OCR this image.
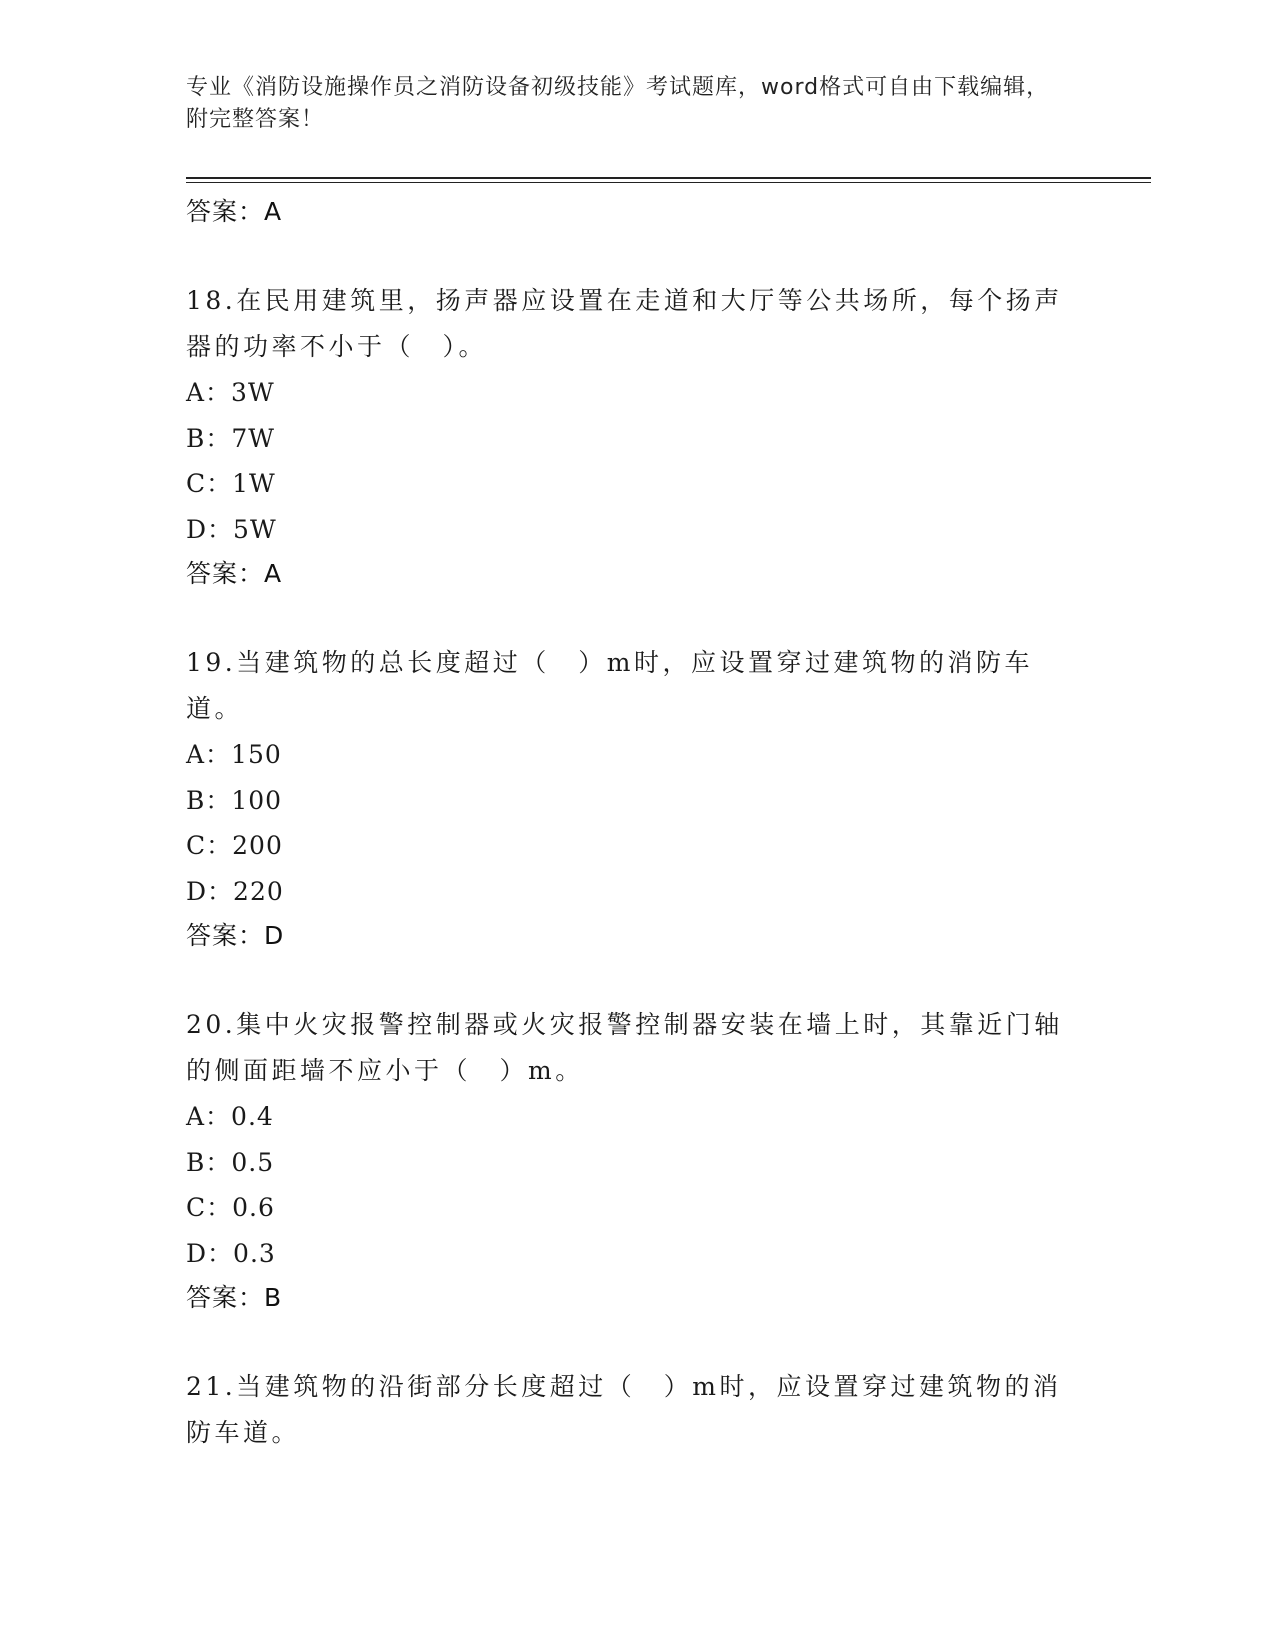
专业《消防设施操作员之消防设备初级技能》考试题库，word格式可自由下载编辑，附完整答案！
答案：A
18.在民用建筑里，扬声器应设置在走道和大厅等公共场所，每个扬声器的功率不小于（　）。
A：3W
B：7W
C：1W
D：5W
答案：A
19.当建筑物的总长度超过（　）m时，应设置穿过建筑物的消防车道。
A：150
B：100
C：200
D：220
答案：D
20.集中火灾报警控制器或火灾报警控制器安装在墙上时，其靠近门轴的侧面距墙不应小于（　）m。
A：0.4
B：0.5
C：0.6
D：0.3
答案：B
21.当建筑物的沿街部分长度超过（　）m时，应设置穿过建筑物的消防车道。
